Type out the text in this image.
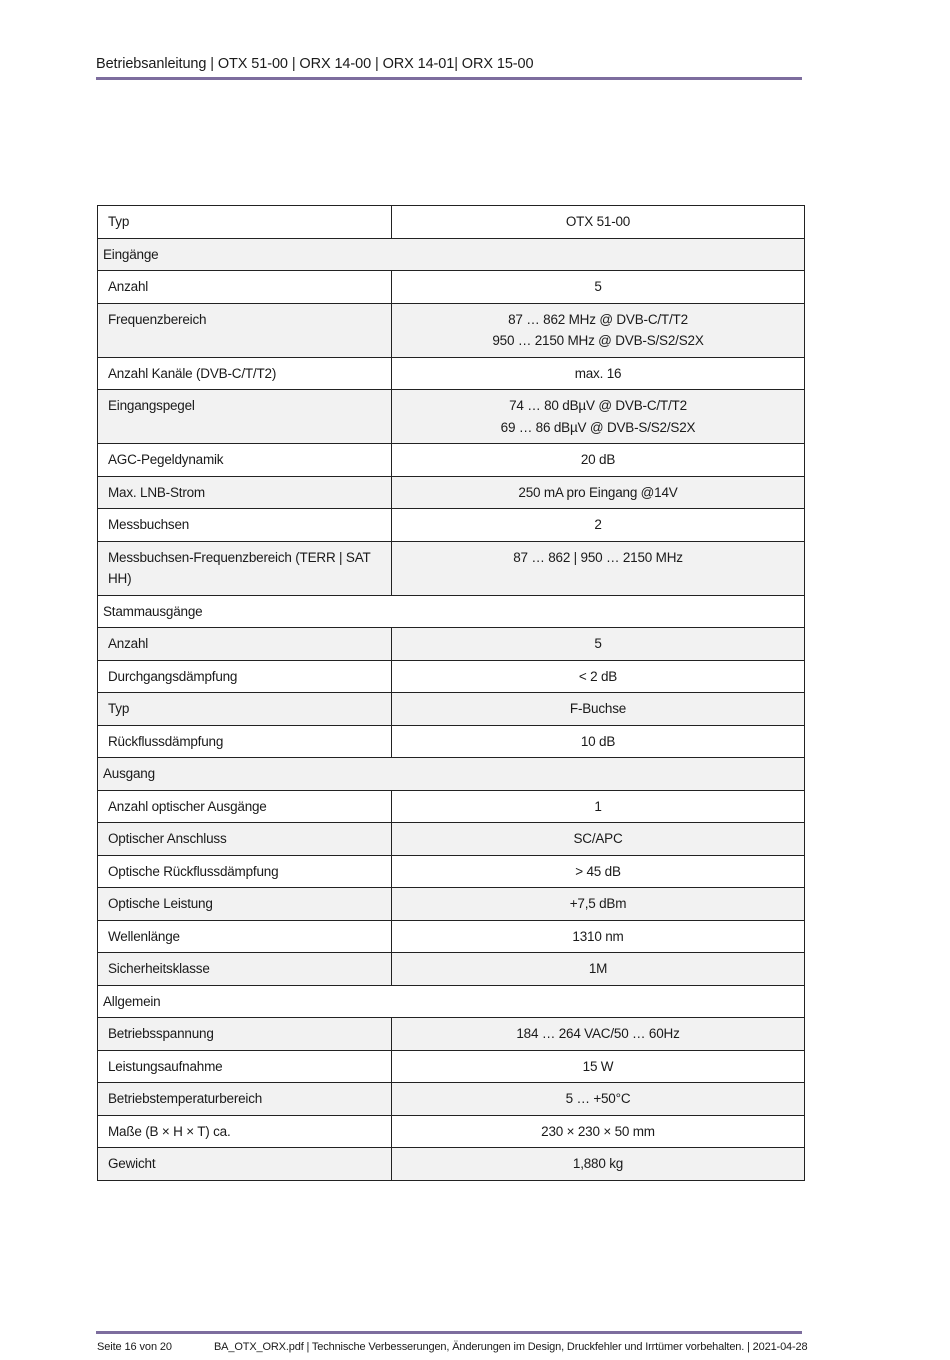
Betriebsanleitung | OTX 51-00 | ORX 14-00 | ORX 14-01| ORX 15-00
Typ	OTX 51-00
Eingänge	
Anzahl	5
Frequenzbereich	87 … 862 MHz @ DVB-C/T/T2
950 … 2150 MHz @ DVB-S/S2/S2X

Anzahl Kanäle (DVB-C/T/T2)	max. 16
Eingangspegel	74 … 80 dBµV @ DVB-C/T/T2
69 … 86 dBµV @ DVB-S/S2/S2X

AGC-Pegeldynamik	20 dB
Max. LNB-Strom	250 mA pro Eingang @14V
Messbuchsen	2
Messbuchsen-Frequenzbereich (TERR | SAT HH)	87 … 862 | 950 … 2150 MHz
Stammausgänge	
Anzahl	5
Durchgangsdämpfung	< 2 dB
Typ	F-Buchse
Rückflussdämpfung	10 dB
Ausgang	
Anzahl optischer Ausgänge	1
Optischer Anschluss	SC/APC
Optische Rückflussdämpfung	> 45 dB
Optische Leistung	+7,5 dBm
Wellenlänge	1310 nm
Sicherheitsklasse	1M
Allgemein	
Betriebsspannung	184 … 264 VAC/50 … 60Hz
Leistungsaufnahme	15 W
Betriebstemperaturbereich	5 … +50°C
Maße (B × H × T) ca.	230 × 230 × 50 mm
Gewicht	1,880 kg
Seite 16 von 20	BA_OTX_ORX.pdf | Technische Verbesserungen, Änderungen im Design, Druckfehler und Irrtümer vorbehalten. | 2021-04-28
